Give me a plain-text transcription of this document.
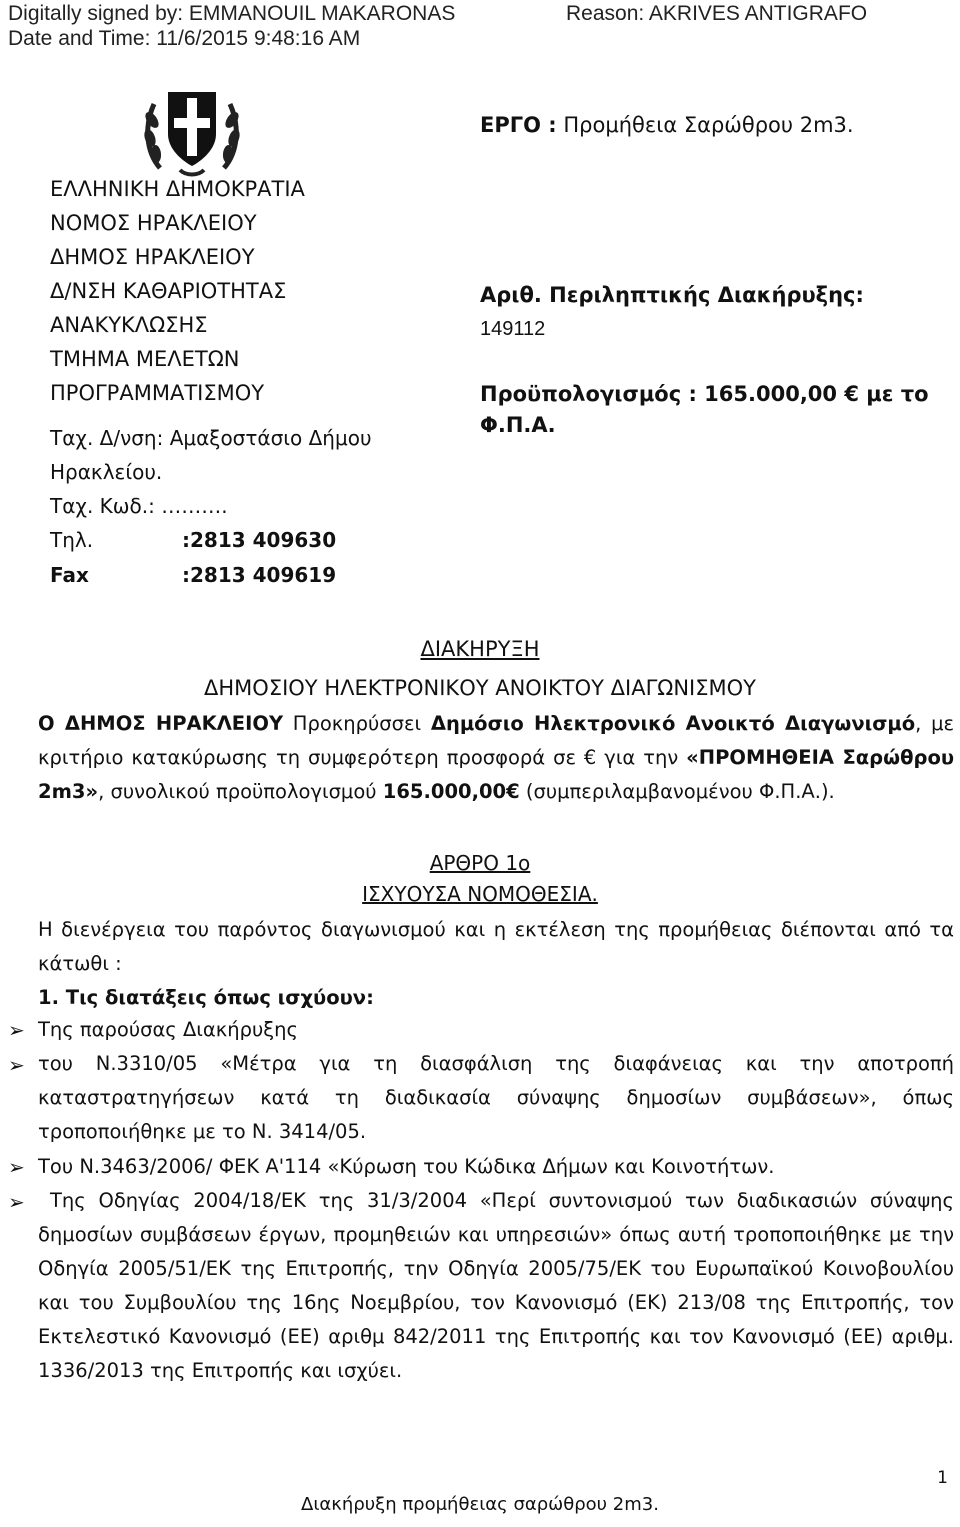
Digitally signed by: EMMANOUIL MAKARONAS	Reason: AKRIVES ANTIGRAFO
Date and Time: 11/6/2015 9:48:16 AM
ΕΛΛΗΝΙΚΗ ΔΗΜΟΚΡΑΤΙΑ
ΝΟΜΟΣ ΗΡΑΚΛΕΙΟΥ
ΔΗΜΟΣ ΗΡΑΚΛΕΙΟΥ
Δ/ΝΣΗ ΚΑΘΑΡΙΟΤΗΤΑΣ
ΑΝΑΚΥΚΛΩΣΗΣ
ΤΜΗΜΑ ΜΕΛΕΤΩΝ
ΠΡΟΓΡΑΜΜΑΤΙΣΜΟΥ
Ταχ. Δ/νση: Αμαξοστάσιο Δήμου
Ηρακλείου.
Ταχ. Κωδ.: ……….
Τηλ.	:2813 409630
Fax	:2813 409619
ΕΡΓΟ : Προμήθεια Σαρώθρου 2m3.
Αριθ. Περιληπτικής Διακήρυξης:
149112
Προϋπολογισμός : 165.000,00 € με το
Φ.Π.Α.
ΔΙΑΚΗΡΥΞΗ
ΔΗΜΟΣΙΟΥ ΗΛΕΚΤΡΟΝΙΚΟΥ ΑΝΟΙΚΤΟΥ ΔΙΑΓΩΝΙΣΜΟΥ
Ο ΔΗΜΟΣ ΗΡΑΚΛΕΙΟΥ Προκηρύσσει Δημόσιο Ηλεκτρονικό Ανοικτό Διαγωνισμό, με κριτήριο κατακύρωσης τη συμφερότερη προσφορά σε € για την «ΠΡΟΜΗΘΕΙΑ Σαρώθρου 2m3», συνολικού προϋπολογισμού 165.000,00€ (συμπεριλαμβανομένου Φ.Π.Α.).
ΑΡΘΡΟ 1ο
ΙΣΧΥΟΥΣΑ ΝΟΜΟΘΕΣΙΑ.
Η διενέργεια του παρόντος διαγωνισμού και η εκτέλεση της προμήθειας διέπονται από τα κάτωθι :
1. Τις διατάξεις όπως ισχύουν:
➢ Της παρούσας Διακήρυξης
➢ του Ν.3310/05 «Μέτρα για τη διασφάλιση της διαφάνειας και την αποτροπή καταστρατηγήσεων κατά τη διαδικασία σύναψης δημοσίων συμβάσεων», όπως τροποποιήθηκε με το Ν. 3414/05.
➢ Του Ν.3463/2006/ ΦΕΚ Α'114 «Κύρωση του Κώδικα Δήμων και Κοινοτήτων.
➢	Της Οδηγίας 2004/18/ΕΚ της 31/3/2004 «Περί συντονισμού των διαδικασιών σύναψης δημοσίων συμβάσεων έργων, προμηθειών και υπηρεσιών» όπως αυτή τροποποιήθηκε με την Οδηγία 2005/51/ΕΚ της Επιτροπής, την Οδηγία 2005/75/ΕΚ του Ευρωπαϊκού Κοινοβουλίου και του Συμβουλίου της 16ης Νοεμβρίου, τον Κανονισμό (ΕΚ) 213/08 της Επιτροπής, τον Εκτελεστικό Κανονισμό (ΕΕ) αριθμ 842/2011 της Επιτροπής και τον Κανονισμό (ΕΕ) αριθμ. 1336/2013 της Επιτροπής και ισχύει.
1
Διακήρυξη προμήθειας σαρώθρου 2m3.
